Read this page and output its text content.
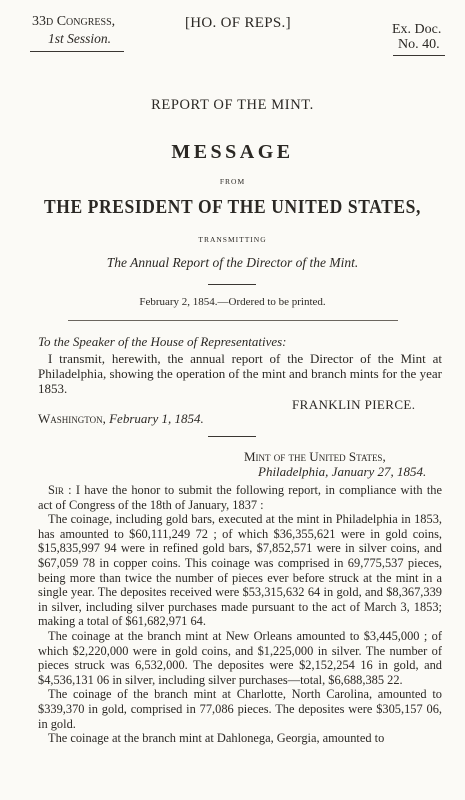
33d Congress,
1st Session.
[HO. OF REPS.]	Ex. Doc.
No. 40.
REPORT OF THE MINT.
MESSAGE
FROM
THE PRESIDENT OF THE UNITED STATES,
TRANSMITTING
The Annual Report of the Director of the Mint.
February 2, 1854.—Ordered to be printed.
To the Speaker of the House of Representatives:

I transmit, herewith, the annual report of the Director of the Mint at Philadelphia, showing the operation of the mint and branch mints for the year 1853.

FRANKLIN PIERCE.
Washington, February 1, 1854.
Mint of the United States,
Philadelphia, January 27, 1854.

Sir : I have the honor to submit the following report, in compliance with the act of Congress of the 18th of January, 1837 :

The coinage, including gold bars, executed at the mint in Philadelphia in 1853, has amounted to $60,111,249 72 ; of which $36,355,621 were in gold coins, $15,835,997 94 were in refined gold bars, $7,852,571 were in silver coins, and $67,059 78 in copper coins. This coinage was comprised in 69,775,537 pieces, being more than twice the number of pieces ever before struck at the mint in a single year. The deposites received were $53,315,632 64 in gold, and $8,367,339 in silver, including silver purchases made pursuant to the act of March 3, 1853; making a total of $61,682,971 64.

The coinage at the branch mint at New Orleans amounted to $3,445,000 ; of which $2,220,000 were in gold coins, and $1,225,000 in silver. The number of pieces struck was 6,532,000. The deposites were $2,152,254 16 in gold, and $4,536,131 06 in silver, including silver purchases—total, $6,688,385 22.

The coinage of the branch mint at Charlotte, North Carolina, amounted to $339,370 in gold, comprised in 77,086 pieces. The deposites were $305,157 06, in gold.

The coinage at the branch mint at Dahlonega, Georgia, amounted to
